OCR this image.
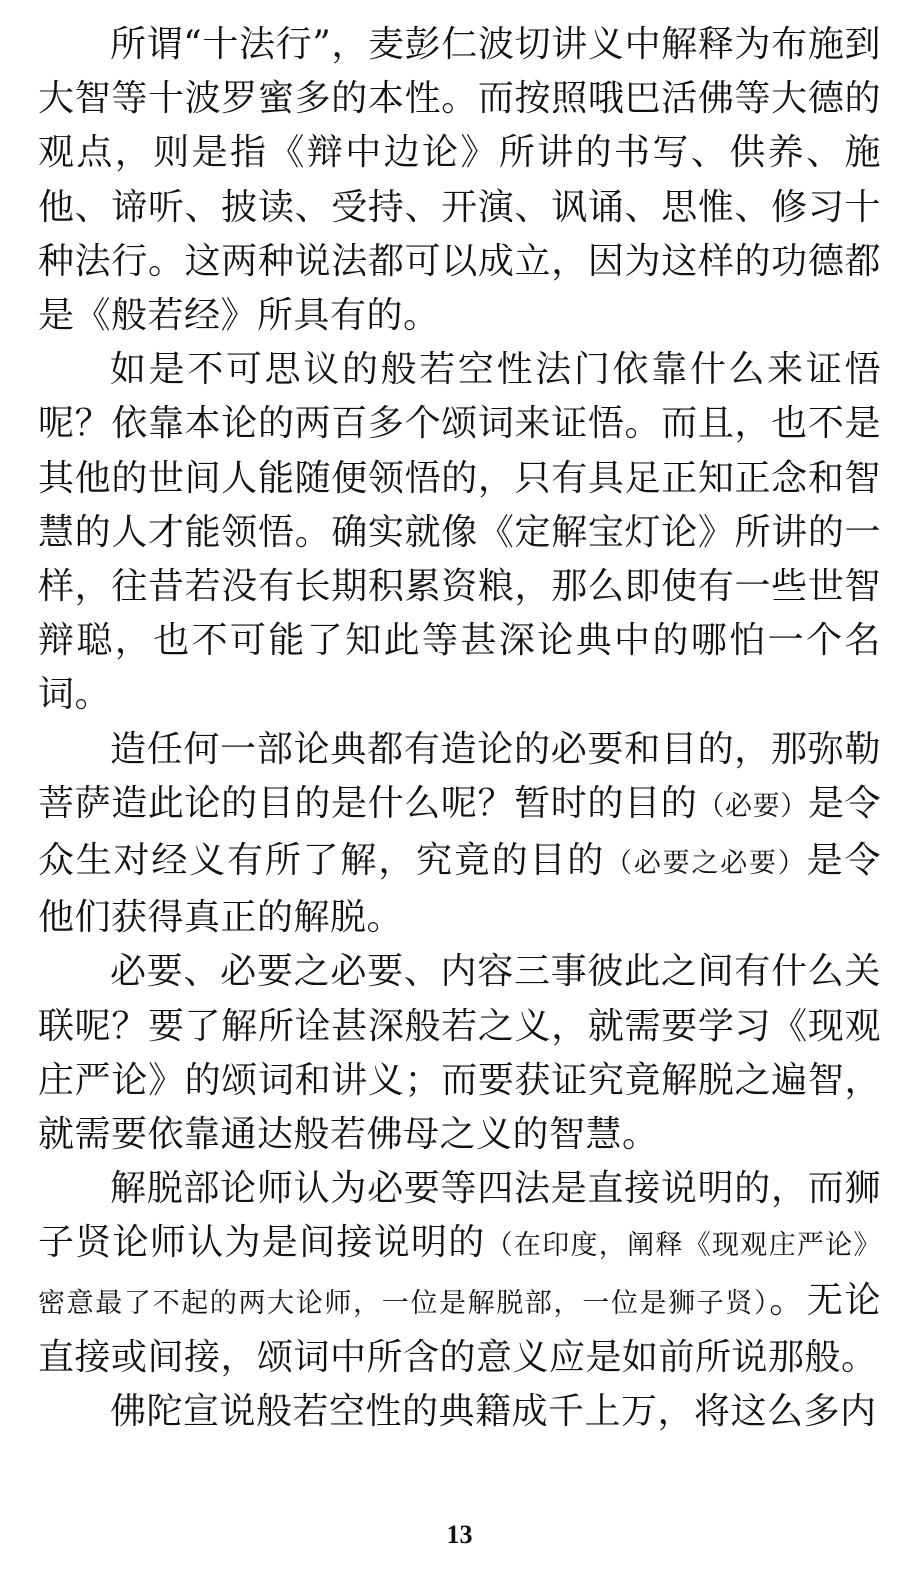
所谓“十法行”，麦彭仁波切讲义中解释为布施到大智等十波罗蜜多的本性。而按照哦巴活佛等大德的观点，则是指《辩中边论》所讲的书写、供养、施他、谛听、披读、受持、开演、讽诵、思惟、修习十种法行。这两种说法都可以成立，因为这样的功德都是《般若经》所具有的。

如是不可思议的般若空性法门依靠什么来证悟呢？依靠本论的两百多个颂词来证悟。而且，也不是其他的世间人能随便领悟的，只有具足正知正念和智慧的人才能领悟。确实就像《定解宝灯论》所讲的一样，往昔若没有长期积累资粮，那么即使有一些世智辩聪，也不可能了知此等甚深论典中的哪怕一个名词。

造任何一部论典都有造论的必要和目的，那弥勒菩萨造此论的目的是什么呢？暂时的目的（必要）是令众生对经义有所了解，究竟的目的（必要之必要）是令他们获得真正的解脱。

必要、必要之必要、内容三事彼此之间有什么关联呢？要了解所诠甚深般若之义，就需要学习《现观庄严论》的颂词和讲义；而要获证究竟解脱之遍智，就需要依靠通达般若佛母之义的智慧。

解脱部论师认为必要等四法是直接说明的，而狮子贤论师认为是间接说明的（在印度，阐释《现观庄严论》密意最了不起的两大论师，一位是解脱部，一位是狮子贤）。无论直接或间接，颂词中所含的意义应是如前所说那般。

佛陀宣说般若空性的典籍成千上万，将这么多内

13
